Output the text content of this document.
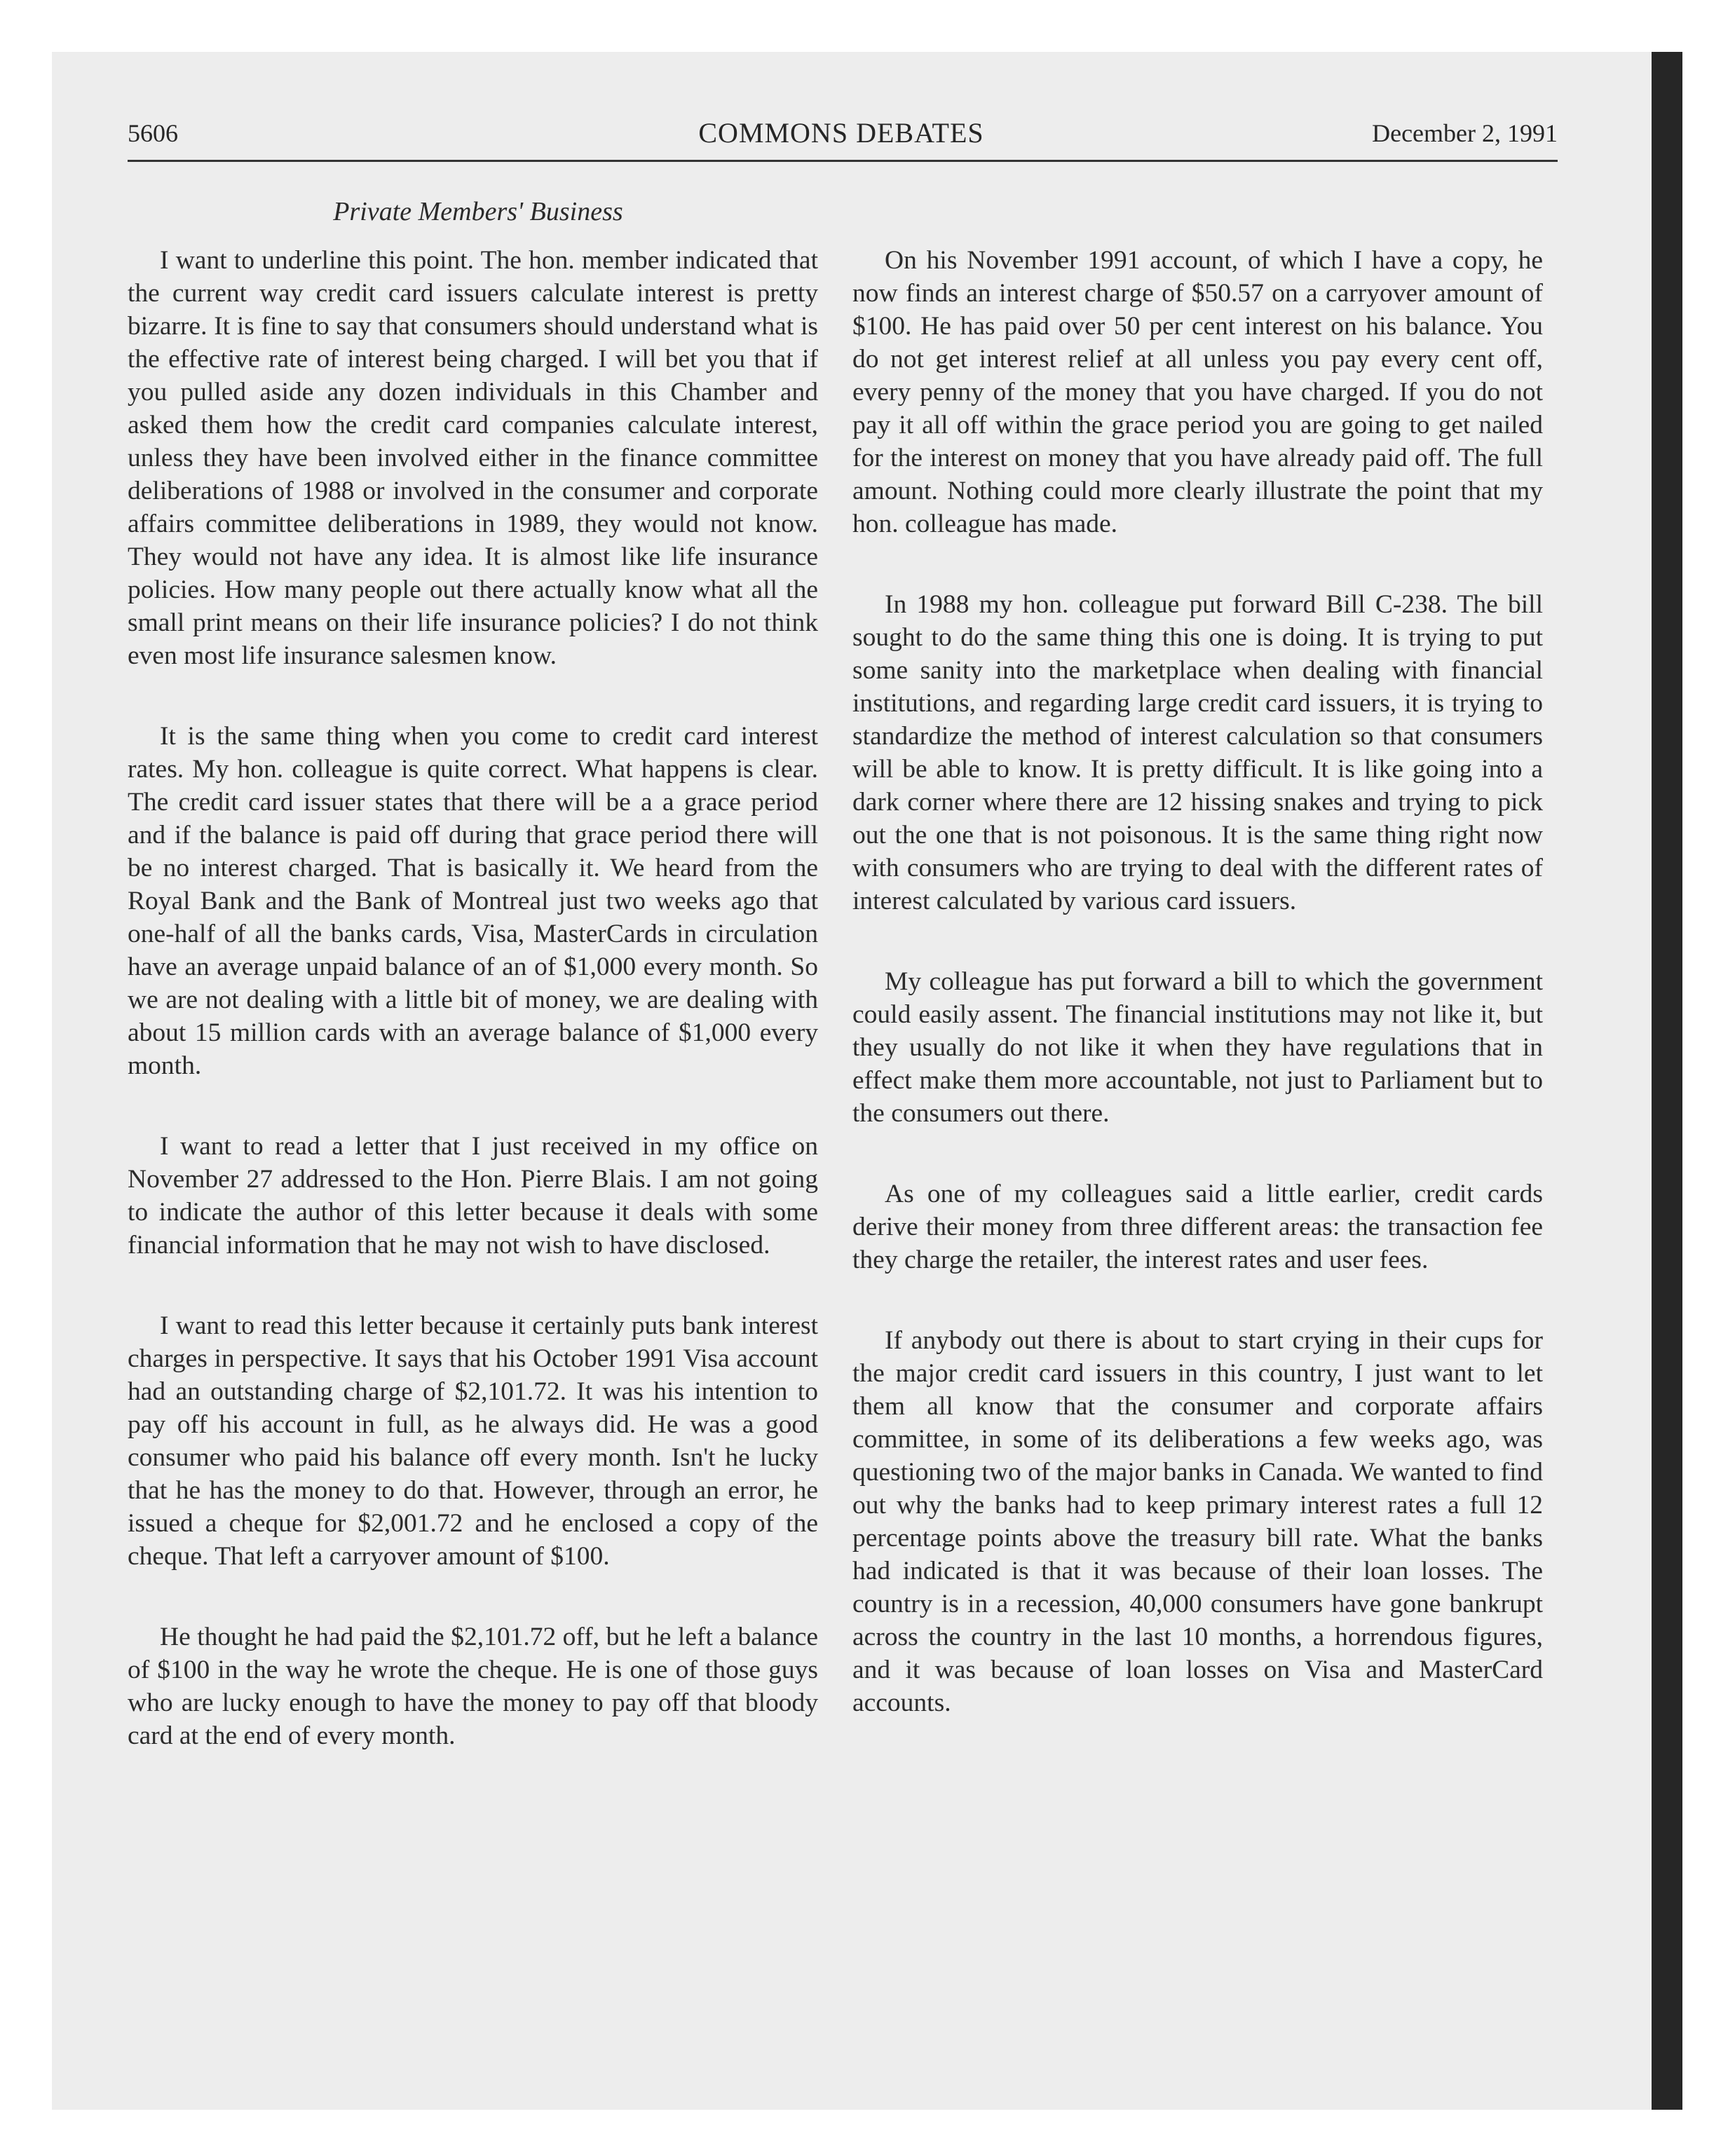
5606	COMMONS DEBATES	December 2, 1991
Private Members' Business

I want to underline this point. The hon. member indicated that the current way credit card issuers calculate interest is pretty bizarre. It is fine to say that consumers should understand what is the effective rate of interest being charged. I will bet you that if you pulled aside any dozen individuals in this Chamber and asked them how the credit card companies calculate interest, unless they have been involved either in the finance committee deliberations of 1988 or involved in the consumer and corporate affairs committee deliberations in 1989, they would not know. They would not have any idea. It is almost like life insurance policies. How many people out there actually know what all the small print means on their life insurance policies? I do not think even most life insurance salesmen know.

It is the same thing when you come to credit card interest rates. My hon. colleague is quite correct. What happens is clear. The credit card issuer states that there will be a a grace period and if the balance is paid off during that grace period there will be no interest charged. That is basically it. We heard from the Royal Bank and the Bank of Montreal just two weeks ago that one-half of all the banks cards, Visa, MasterCards in circulation have an average unpaid balance of an of $1,000 every month. So we are not dealing with a little bit of money, we are dealing with about 15 million cards with an average balance of $1,000 every month.

I want to read a letter that I just received in my office on November 27 addressed to the Hon. Pierre Blais. I am not going to indicate the author of this letter because it deals with some financial information that he may not wish to have disclosed.

I want to read this letter because it certainly puts bank interest charges in perspective. It says that his October 1991 Visa account had an outstanding charge of $2,101.72. It was his intention to pay off his account in full, as he always did. He was a good consumer who paid his balance off every month. Isn't he lucky that he has the money to do that. However, through an error, he issued a cheque for $2,001.72 and he enclosed a copy of the cheque. That left a carryover amount of $100.

He thought he had paid the $2,101.72 off, but he left a balance of $100 in the way he wrote the cheque. He is one of those guys who are lucky enough to have the money to pay off that bloody card at the end of every month.

On his November 1991 account, of which I have a copy, he now finds an interest charge of $50.57 on a carryover amount of $100. He has paid over 50 per cent interest on his balance. You do not get interest relief at all unless you pay every cent off, every penny of the money that you have charged. If you do not pay it all off within the grace period you are going to get nailed for the interest on money that you have already paid off. The full amount. Nothing could more clearly illustrate the point that my hon. colleague has made.

In 1988 my hon. colleague put forward Bill C-238. The bill sought to do the same thing this one is doing. It is trying to put some sanity into the marketplace when dealing with financial institutions, and regarding large credit card issuers, it is trying to standardize the method of interest calculation so that consumers will be able to know. It is pretty difficult. It is like going into a dark corner where there are 12 hissing snakes and trying to pick out the one that is not poisonous. It is the same thing right now with consumers who are trying to deal with the different rates of interest calculated by various card issuers.

My colleague has put forward a bill to which the government could easily assent. The financial institutions may not like it, but they usually do not like it when they have regulations that in effect make them more accountable, not just to Parliament but to the consumers out there.

As one of my colleagues said a little earlier, credit cards derive their money from three different areas: the transaction fee they charge the retailer, the interest rates and user fees.

If anybody out there is about to start crying in their cups for the major credit card issuers in this country, I just want to let them all know that the consumer and corporate affairs committee, in some of its deliberations a few weeks ago, was questioning two of the major banks in Canada. We wanted to find out why the banks had to keep primary interest rates a full 12 percentage points above the treasury bill rate. What the banks had indicated is that it was because of their loan losses. The country is in a recession, 40,000 consumers have gone bankrupt across the country in the last 10 months, a horrendous figures, and it was because of loan losses on Visa and MasterCard accounts.
